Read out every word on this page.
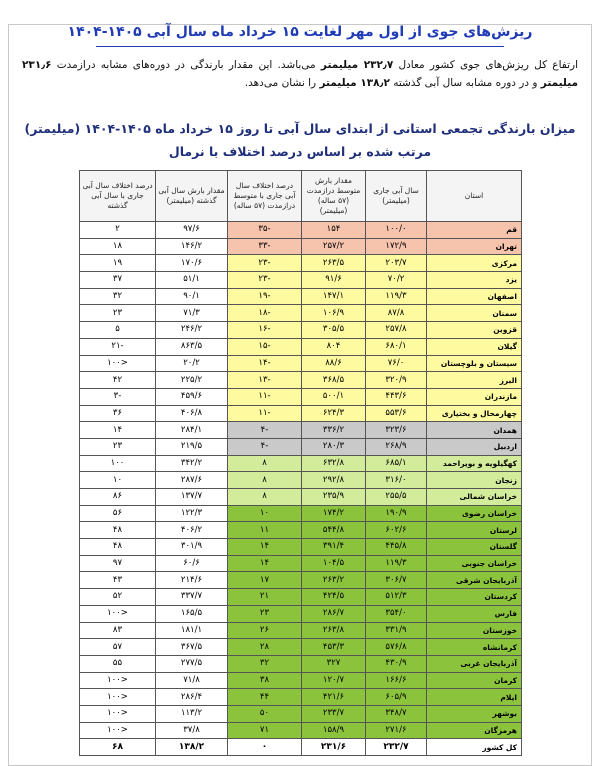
ریزش‌های جوی از اول مهر لغایت ۱۵ خرداد ماه سال آبی ۱۴۰۵-۱۴۰۴
ارتفاع کل ریزش‌های جوی کشور معادل ۲۳۲٫۷ میلیمتر می‌باشد. این مقدار بارندگی در دوره‌های مشابه درازمدت ۲۳۱٫۶ میلیمتر و در دوره مشابه سال آبی گذشته ۱۳۸٫۲ میلیمتر را نشان می‌دهد.
میزان بارندگی تجمعی استانی از ابتدای سال آبی تا روز ۱۵ خرداد ماه ۱۴۰۵-۱۴۰۴ (میلیمتر)
مرتب شده بر اساس درصد اختلاف با نرمال
استان	سال آبی جاری (میلیمتر)	مقدار بارش متوسط درازمدت (۵۷ ساله) (میلیمتر)	درصد اختلاف سال آبی جاری با متوسط درازمدت (۵۷ ساله)	مقدار بارش سال آبی گذشته (میلیمتر)	درصد اختلاف سال آبی جاری با سال آبی گذشته
قم	۱۰۰/۰	۱۵۴	-۳۵	۹۷/۶	۲
تهران	۱۷۲/۹	۲۵۷/۲	-۳۳	۱۴۶/۲	۱۸
مرکزی	۲۰۳/۷	۲۶۳/۵	-۲۳	۱۷۰/۶	۱۹
یزد	۷۰/۲	۹۱/۶	-۲۳	۵۱/۱	۳۷
اصفهان	۱۱۹/۳	۱۴۷/۱	-۱۹	۹۰/۱	۳۲
سمنان	۸۷/۸	۱۰۶/۹	-۱۸	۷۱/۳	۲۳
قزوین	۲۵۷/۸	۳۰۵/۵	-۱۶	۲۴۶/۲	۵
گیلان	۶۸۰/۱	۸۰۴	-۱۵	۸۶۳/۵	-۲۱
سیستان و بلوچستان	۷۶/۰	۸۸/۶	-۱۴	۲۰/۲	<۱۰۰
البرز	۳۲۰/۹	۳۶۸/۵	-۱۳	۲۲۵/۲	۴۲
مازندران	۴۴۳/۶	۵۰۰/۱	-۱۱	۴۵۹/۶	-۳
چهارمحال و بختیاری	۵۵۳/۶	۶۲۴/۳	-۱۱	۴۰۶/۸	۳۶
همدان	۳۲۳/۶	۳۳۶/۲	-۴	۲۸۴/۱	۱۴
اردبیل	۲۶۸/۹	۲۸۰/۳	-۴	۲۱۹/۵	۲۳
کهگیلویه و بویراحمد	۶۸۵/۱	۶۳۲/۸	۸	۳۴۲/۲	۱۰۰
زنجان	۳۱۶/۰	۲۹۲/۸	۸	۲۸۷/۶	۱۰
خراسان شمالی	۲۵۵/۵	۲۳۵/۹	۸	۱۳۷/۷	۸۶
خراسان رضوی	۱۹۰/۹	۱۷۴/۲	۱۰	۱۲۲/۳	۵۶
لرستان	۶۰۲/۶	۵۴۴/۸	۱۱	۴۰۶/۲	۴۸
گلستان	۴۴۵/۸	۳۹۱/۴	۱۴	۳۰۱/۹	۴۸
خراسان جنوبی	۱۱۹/۳	۱۰۴/۵	۱۴	۶۰/۶	۹۷
آذربایجان شرقی	۳۰۶/۷	۲۶۳/۲	۱۷	۲۱۴/۶	۴۳
کردستان	۵۱۲/۳	۴۲۴/۵	۲۱	۳۳۷/۷	۵۲
فارس	۳۵۴/۰	۲۸۶/۷	۲۳	۱۶۵/۵	<۱۰۰
خوزستان	۳۳۱/۹	۲۶۳/۸	۲۶	۱۸۱/۱	۸۳
کرمانشاه	۵۷۶/۸	۴۵۳/۳	۲۸	۳۶۷/۵	۵۷
آذربایجان غربی	۴۳۰/۹	۳۲۷	۳۲	۲۷۷/۵	۵۵
کرمان	۱۶۶/۶	۱۲۰/۷	۳۸	۷۱/۸	<۱۰۰
ایلام	۶۰۵/۹	۴۲۱/۶	۴۴	۲۸۶/۴	<۱۰۰
بوشهر	۳۴۸/۷	۲۳۳/۷	۵۰	۱۱۳/۲	<۱۰۰
هرمزگان	۲۷۱/۶	۱۵۸/۹	۷۱	۳۷/۸	<۱۰۰
کل کشور	۲۳۲/۷	۲۳۱/۶	۰	۱۳۸/۲	۶۸
